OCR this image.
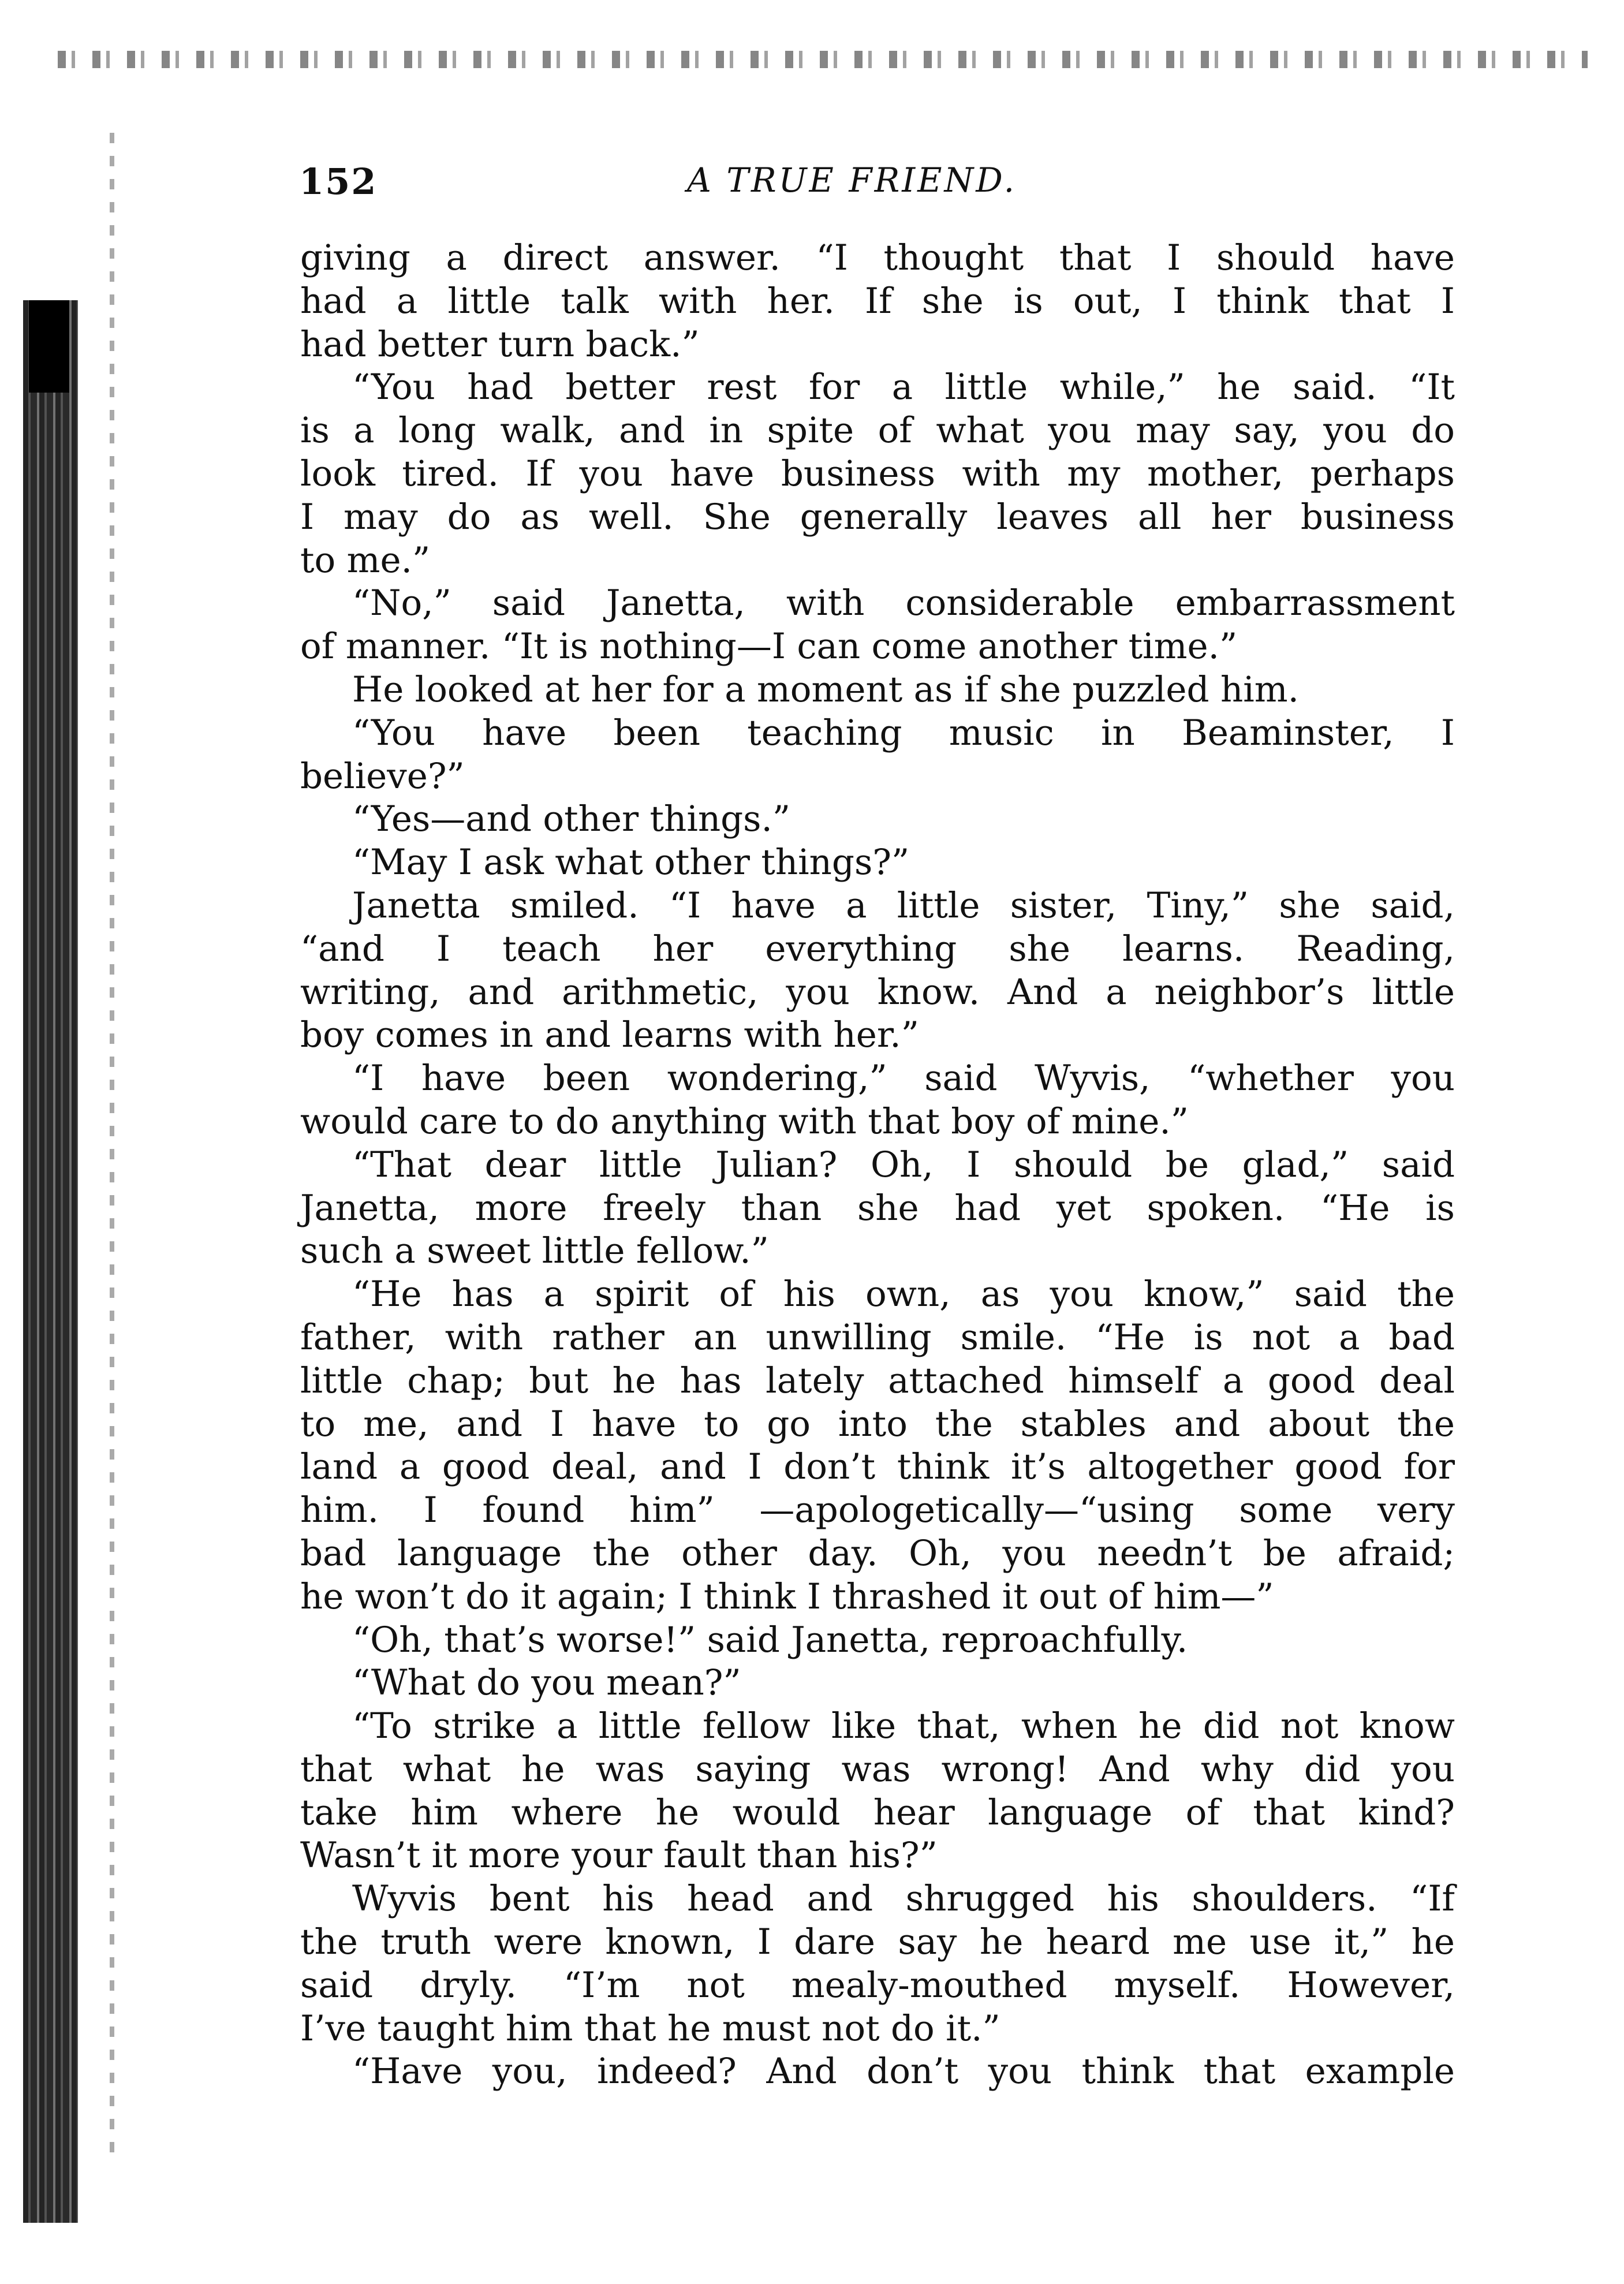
152	A TRUE FRIEND.
giving a direct answer. “I thought that I should have
had a little talk with her. If she is out, I think that I
had better turn back.”
“You had better rest for a little while,” he said. “It
is a long walk, and in spite of what you may say, you do
look tired. If you have business with my mother, perhaps
I may do as well. She generally leaves all her business
to me.”
“No,” said Janetta, with considerable embarrassment
of manner. “It is nothing—I can come another time.”
He looked at her for a moment as if she puzzled him.
“You have been teaching music in Beaminster, I
believe?”
“Yes—and other things.”
“May I ask what other things?”
Janetta smiled. “I have a little sister, Tiny,” she said,
“and I teach her everything she learns. Reading,
writing, and arithmetic, you know. And a neighbor’s little
boy comes in and learns with her.”
“I have been wondering,” said Wyvis, “whether you
would care to do anything with that boy of mine.”
“That dear little Julian? Oh, I should be glad,” said
Janetta, more freely than she had yet spoken. “He is
such a sweet little fellow.”
“He has a spirit of his own, as you know,” said the
father, with rather an unwilling smile. “He is not a bad
little chap; but he has lately attached himself a good deal
to me, and I have to go into the stables and about the
land a good deal, and I don’t think it’s altogether good for
him. I found him” —apologetically—“using some very
bad language the other day. Oh, you needn’t be afraid;
he won’t do it again; I think I thrashed it out of him—”
“Oh, that’s worse!” said Janetta, reproachfully.
“What do you mean?”
“To strike a little fellow like that, when he did not know
that what he was saying was wrong! And why did you
take him where he would hear language of that kind?
Wasn’t it more your fault than his?”
Wyvis bent his head and shrugged his shoulders. “If
the truth were known, I dare say he heard me use it,” he
said dryly. “I’m not mealy-mouthed myself. However,
I’ve taught him that he must not do it.”
“Have you, indeed? And don’t you think that example
